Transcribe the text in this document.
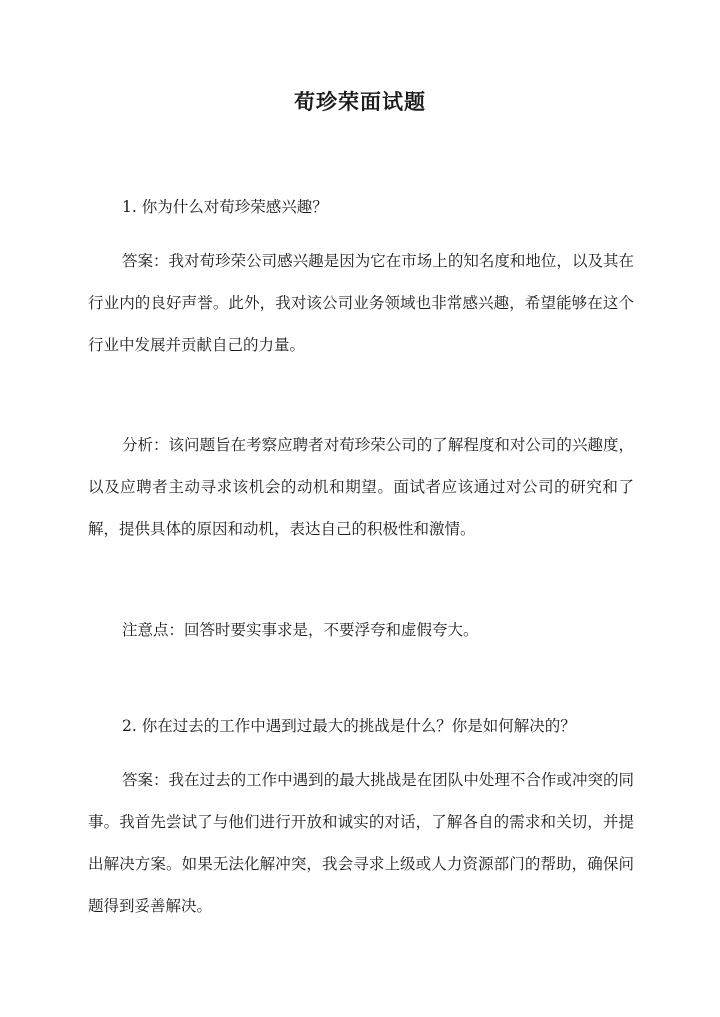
荀珍荣面试题

1. 你为什么对荀珍荣感兴趣？

答案：我对荀珍荣公司感兴趣是因为它在市场上的知名度和地位，以及其在行业内的良好声誉。此外，我对该公司业务领域也非常感兴趣，希望能够在这个行业中发展并贡献自己的力量。

分析：该问题旨在考察应聘者对荀珍荣公司的了解程度和对公司的兴趣度，以及应聘者主动寻求该机会的动机和期望。面试者应该通过对公司的研究和了解，提供具体的原因和动机，表达自己的积极性和激情。

注意点：回答时要实事求是，不要浮夸和虚假夸大。

2. 你在过去的工作中遇到过最大的挑战是什么？你是如何解决的？

答案：我在过去的工作中遇到的最大挑战是在团队中处理不合作或冲突的同事。我首先尝试了与他们进行开放和诚实的对话，了解各自的需求和关切，并提出解决方案。如果无法化解冲突，我会寻求上级或人力资源部门的帮助，确保问题得到妥善解决。
